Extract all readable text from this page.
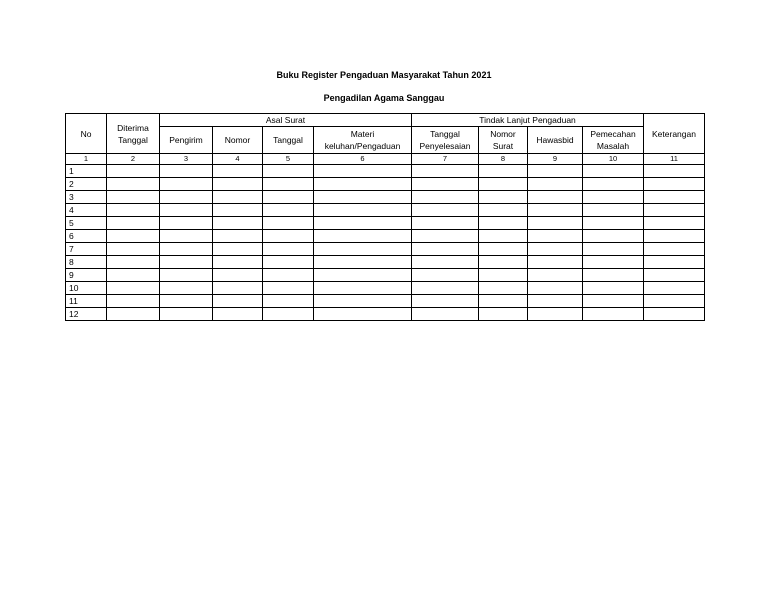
Buku Register Pengaduan Masyarakat Tahun 2021
Pengadilan Agama Sanggau
No	Diterima Tanggal	Asal Surat				Tindak Lanjut Pengaduan				Keterangan
		Pengirim	Nomor	Tanggal	Materi keluhan/Pengaduan	Tanggal Penyelesaian	Nomor Surat	Hawasbid	Pemecahan Masalah	
1	2	3	4	5	6	7	8	9	10	11
1										
2										
3										
4										
5										
6										
7										
8										
9										
10										
11										
12										
